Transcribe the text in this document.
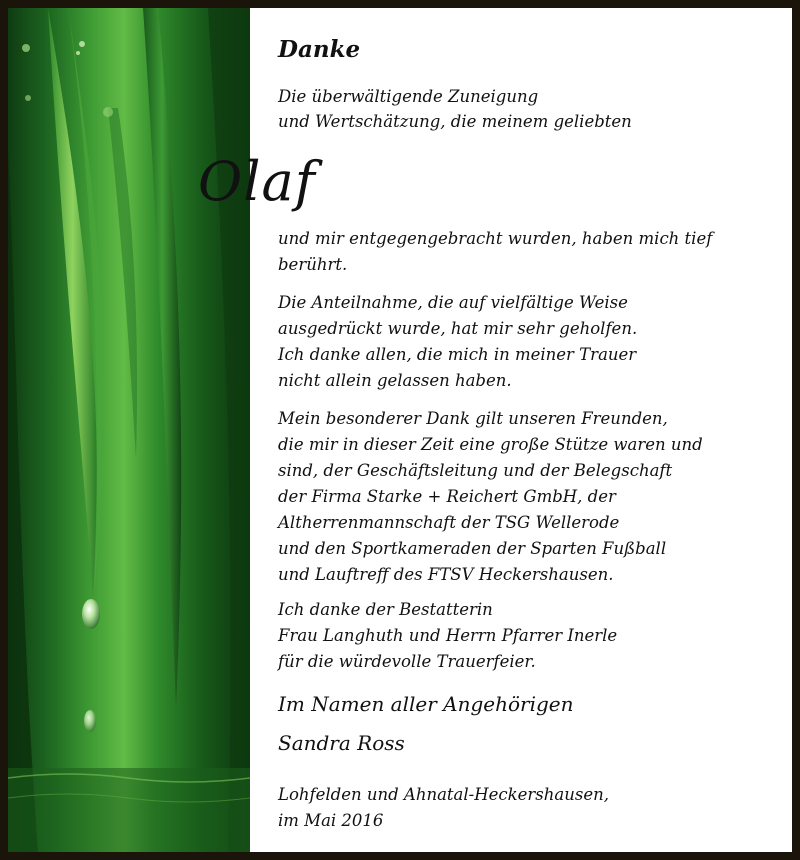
Danke
Die überwältigende Zuneigung
und Wertschätzung, die meinem geliebten
Olaf
und mir entgegengebracht wurden, haben mich tief
berührt.
Die Anteilnahme, die auf vielfältige Weise
ausgedrückt wurde, hat mir sehr geholfen.
Ich danke allen, die mich in meiner Trauer
nicht allein gelassen haben.
Mein besonderer Dank gilt unseren Freunden,
die mir in dieser Zeit eine große Stütze waren und
sind, der Geschäftsleitung und der Belegschaft
der Firma Starke + Reichert GmbH, der
Altherrenmannschaft der TSG Wellerode
und den Sportkameraden der Sparten Fußball
und Lauftreff des FTSV Heckershausen.
Ich danke der Bestatterin
Frau Langhuth und Herrn Pfarrer Inerle
für die würdevolle Trauerfeier.
Im Namen aller Angehörigen
Sandra Ross
Lohfelden und Ahnatal-Heckershausen,
im Mai 2016
